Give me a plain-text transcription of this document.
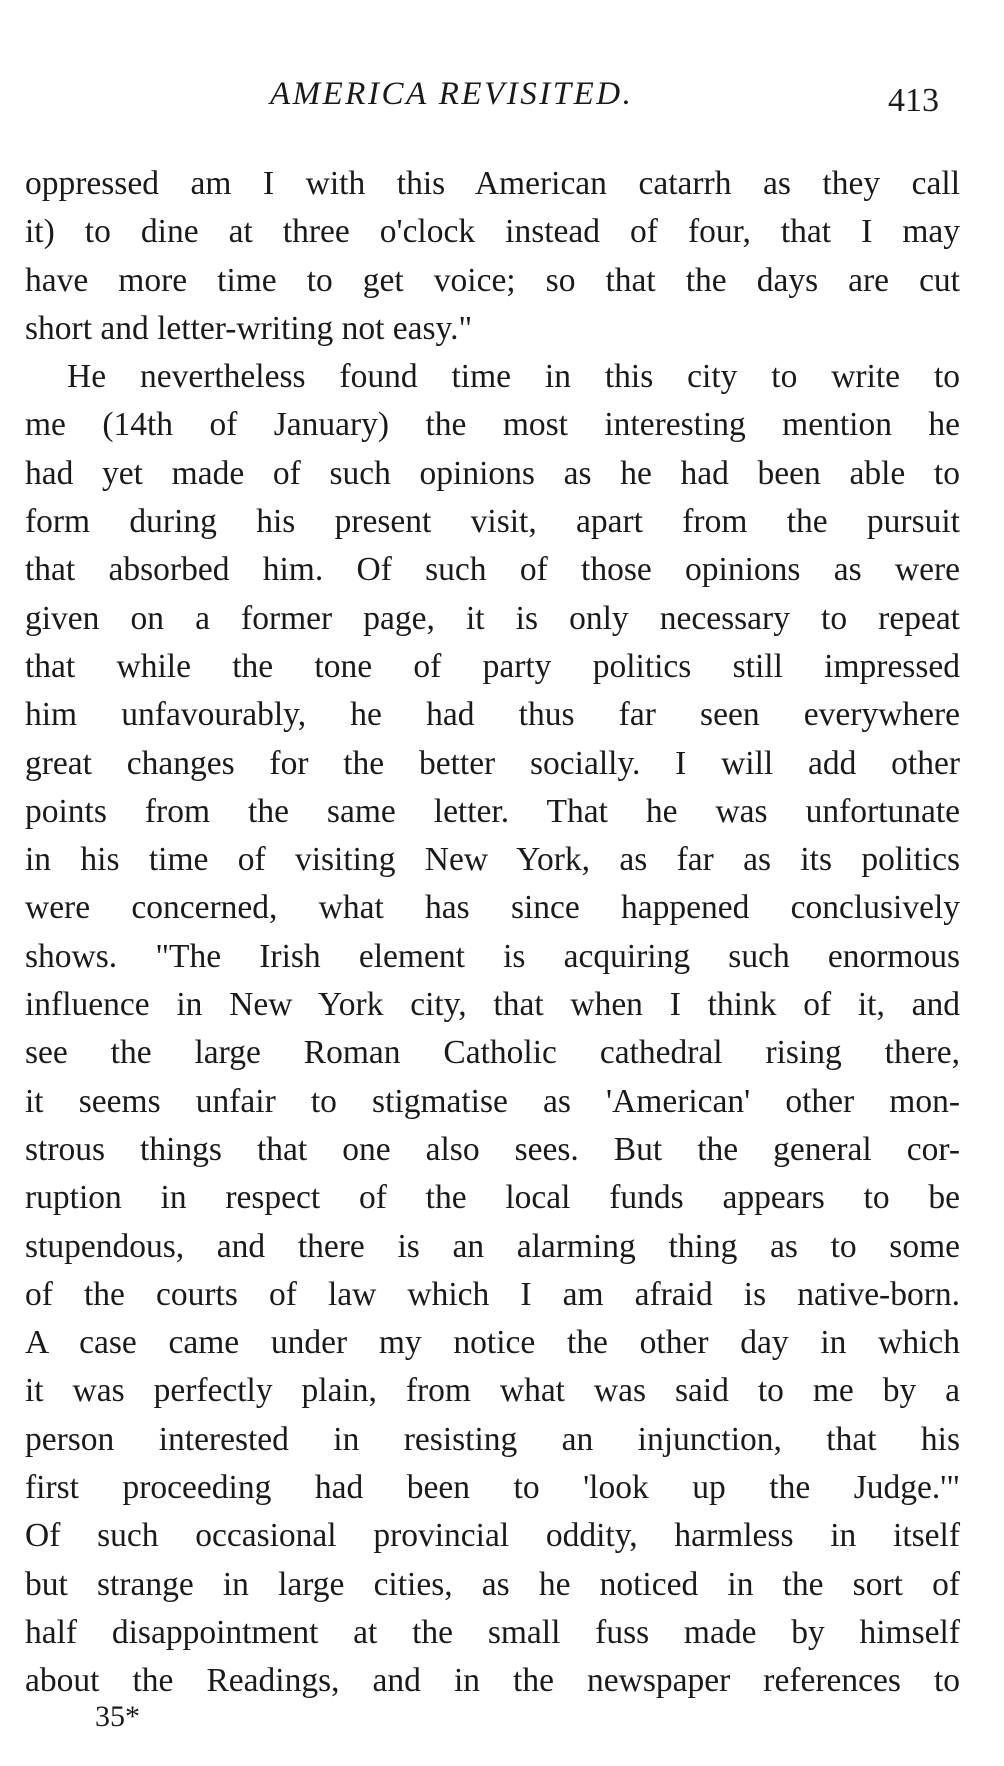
AMERICA REVISITED.	413
oppressed am I with this American catarrh as they call
it) to dine at three o'clock instead of four, that I may
have more time to get voice; so that the days are cut
short and letter-writing not easy."
He nevertheless found time in this city to write to
me (14th of January) the most interesting mention he
had yet made of such opinions as he had been able to
form during his present visit, apart from the pursuit
that absorbed him. Of such of those opinions as were
given on a former page, it is only necessary to repeat
that while the tone of party politics still impressed
him unfavourably, he had thus far seen everywhere
great changes for the better socially. I will add other
points from the same letter. That he was unfortunate
in his time of visiting New York, as far as its politics
were concerned, what has since happened conclusively
shows. "The Irish element is acquiring such enormous
influence in New York city, that when I think of it, and
see the large Roman Catholic cathedral rising there,
it seems unfair to stigmatise as 'American' other mon-
strous things that one also sees. But the general cor-
ruption in respect of the local funds appears to be
stupendous, and there is an alarming thing as to some
of the courts of law which I am afraid is native-born.
A case came under my notice the other day in which
it was perfectly plain, from what was said to me by a
person interested in resisting an injunction, that his
first proceeding had been to 'look up the Judge.'"
Of such occasional provincial oddity, harmless in itself
but strange in large cities, as he noticed in the sort of
half disappointment at the small fuss made by himself
about the Readings, and in the newspaper references to
35*
